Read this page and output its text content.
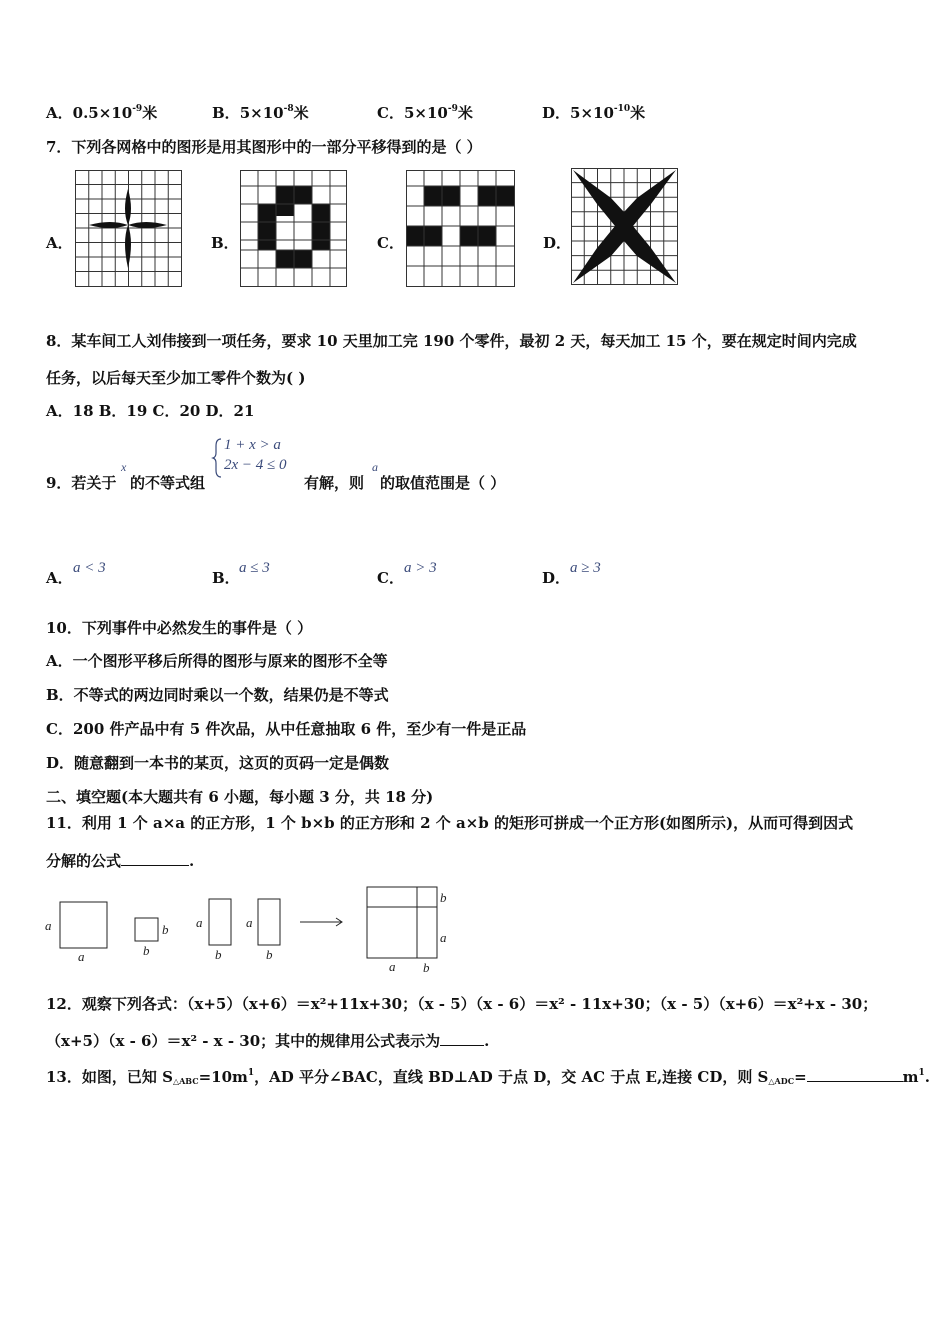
A．$0.5\times 10^{-9}$米	B．$5\times 10^{-8}$米	C．$5\times 10^{-9}$米	D．$5\times 10^{-10}$米
7．下列各网格中的图形是用其图形中的一部分平移得到的是（ ）
A．	B．	C．	D．
8．某车间工人刘伟接到一项任务，要求 10 天里加工完 190 个零件，最初 2 天，每天加工 15 个，要在规定时间内完成
任务，以后每天至少加工零件个数为( )
A．18 B．19 C．20 D．21
9．若关于
x
的不等式组
1 + x > a
2x − 4 ≤ 0
有解，则
a
的取值范围是（ ）
A．
a < 3
B．
a ≤ 3
C．
a > 3
D．
a ≥ 3
10．下列事件中必然发生的事件是（ ）
A．一个图形平移后所得的图形与原来的图形不全等
B．不等式的两边同时乘以一个数，结果仍是不等式
C．200 件产品中有 5 件次品，从中任意抽取 6 件，至少有一件是正品
D．随意翻到一本书的某页，这页的页码一定是偶数
二、填空题(本大题共有 6 小题，每小题 3 分，共 18 分)
11．利用 1 个 a×a 的正方形，1 个 b×b 的正方形和 2 个 a×b 的矩形可拼成一个正方形(如图所示)，从而可得到因式
分解的公式	.
a
a
b
b
a
b
a
b
b
a
a b
12．观察下列各式：（x+5）（x+6）＝x²+11x+30；（x - 5）（x - 6）＝x² - 11x+30；（x - 5）（x+6）＝x²+x - 30；
（x+5）（x - 6）＝x² - x - 30；其中的规律用公式表示为	.
13．如图，已知 $S_{\triangle ABC}=10m^1$，AD 平分∠BAC，直线 BD⊥AD 于点 D，交 AC 于点 E,连接 CD，则 $S_{\triangle ADC}=$	$m^1$.
